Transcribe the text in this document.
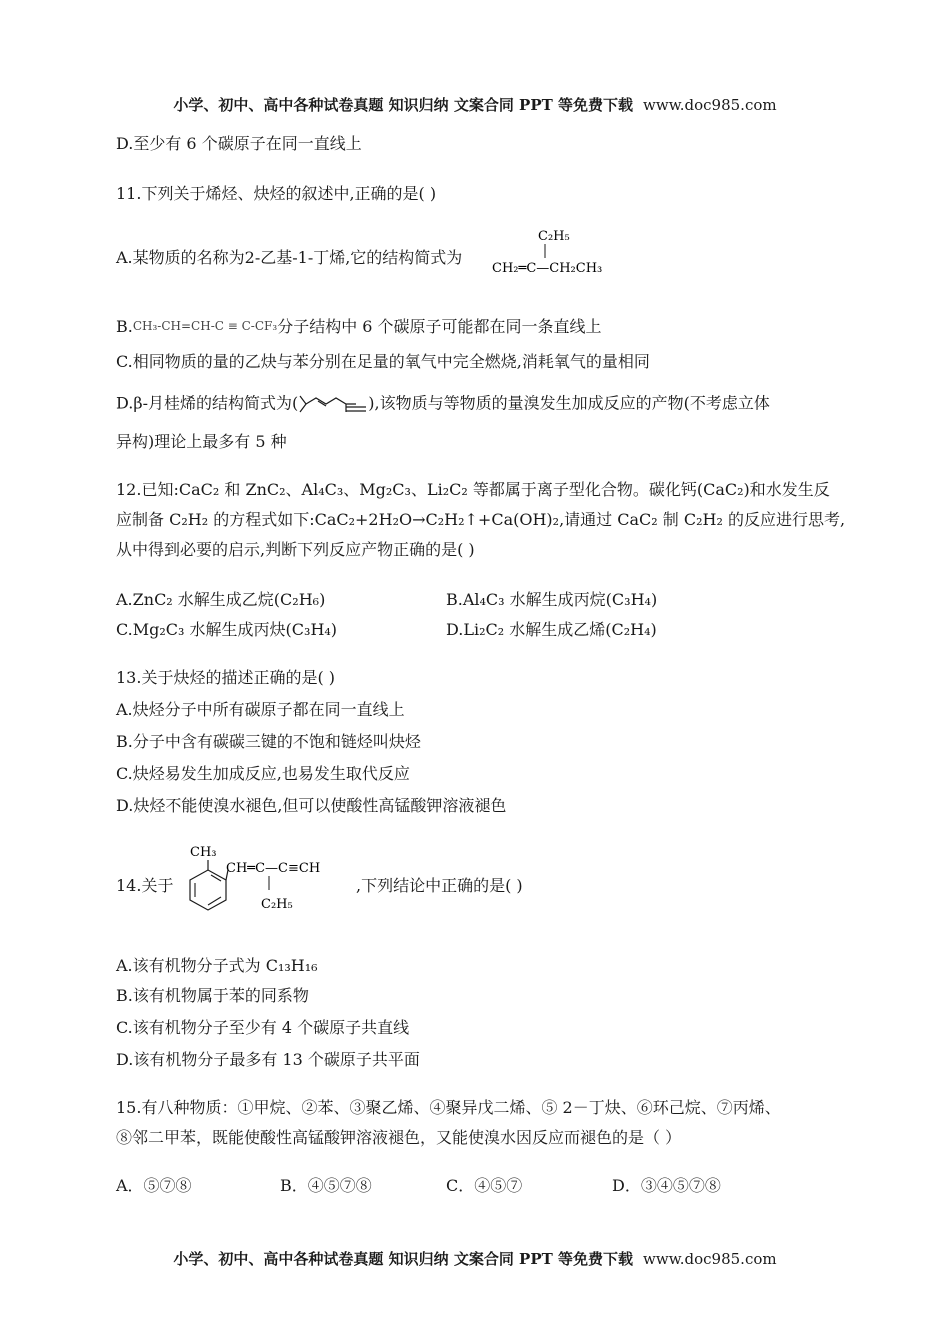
小学、初中、高中各种试卷真题 知识归纳 文案合同 PPT 等免费下载 www.doc985.com
D.至少有 6 个碳原子在同一直线上
11.下列关于烯烃、炔烃的叙述中,正确的是( )
A.某物质的名称为2-乙基-1-丁烯,它的结构简式为
C₂H₅
CH₂═C—CH₂CH₃
B.CH₃-CH=CH-C ≡ C-CF₃分子结构中 6 个碳原子可能都在同一条直线上
C.相同物质的量的乙炔与苯分别在足量的氧气中完全燃烧,消耗氧气的量相同
D.β-月桂烯的结构简式为(	),该物质与等物质的量溴发生加成反应的产物(不考虑立体
异构)理论上最多有 5 种
12.已知:CaC₂ 和 ZnC₂、Al₄C₃、Mg₂C₃、Li₂C₂ 等都属于离子型化合物。碳化钙(CaC₂)和水发生反
应制备 C₂H₂ 的方程式如下:CaC₂+2H₂O→C₂H₂↑+Ca(OH)₂,请通过 CaC₂ 制 C₂H₂ 的反应进行思考,
从中得到必要的启示,判断下列反应产物正确的是( )
A.ZnC₂ 水解生成乙烷(C₂H₆)	B.Al₄C₃ 水解生成丙烷(C₃H₄)
C.Mg₂C₃ 水解生成丙炔(C₃H₄)	D.Li₂C₂ 水解生成乙烯(C₂H₄)
13.关于炔烃的描述正确的是( )
A.炔烃分子中所有碳原子都在同一直线上
B.分子中含有碳碳三键的不饱和链烃叫炔烃
C.炔烃易发生加成反应,也易发生取代反应
D.炔烃不能使溴水褪色,但可以使酸性高锰酸钾溶液褪色
14.关于
CH₃
CH═C—C≡CH
C₂H₅
,下列结论中正确的是( )
A.该有机物分子式为 C₁₃H₁₆
B.该有机物属于苯的同系物
C.该有机物分子至少有 4 个碳原子共直线
D.该有机物分子最多有 13 个碳原子共平面
15.有八种物质：①甲烷、②苯、③聚乙烯、④聚异戊二烯、⑤ 2－丁炔、⑥环己烷、⑦丙烯、
⑧邻二甲苯，既能使酸性高锰酸钾溶液褪色，又能使溴水因反应而褪色的是（ ）
A．⑤⑦⑧	B．④⑤⑦⑧	C．④⑤⑦	D．③④⑤⑦⑧
小学、初中、高中各种试卷真题 知识归纳 文案合同 PPT 等免费下载 www.doc985.com
